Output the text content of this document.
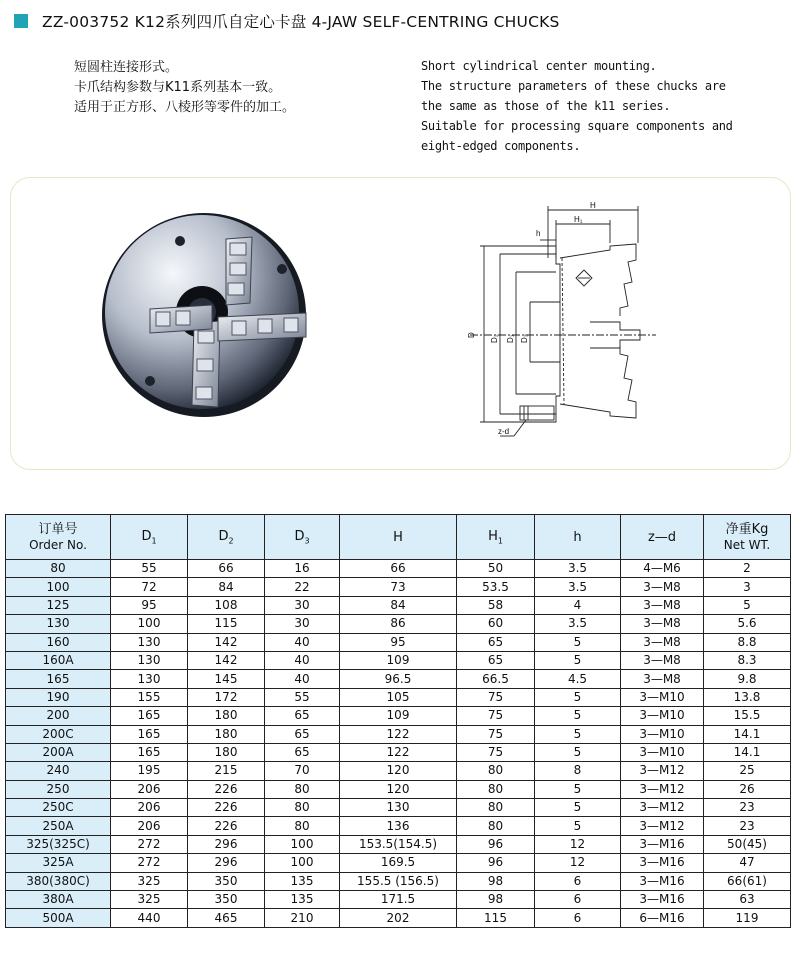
ZZ-003752 K12系列四爪自定心卡盘 4-JAW SELF-CENTRING CHUCKS
短圆柱连接形式。
卡爪结构参数与K11系列基本一致。
适用于正方形、八棱形等零件的加工。
Short cylindrical center mounting.
The structure parameters of these chucks are the same as those of the k11 series.
Suitable for processing square components and eight-edged components.
H
H₁
h
D D₂ D₁ D₃
z-d
订单号
Order No.	$D_1$	$D_2$	$D_3$	H	$H_1$	h	z—d	净重Kg
Net WT.

80	55	66	16	66	50	3.5	4—M6	2
100	72	84	22	73	53.5	3.5	3—M8	3
125	95	108	30	84	58	4	3—M8	5
130	100	115	30	86	60	3.5	3—M8	5.6
160	130	142	40	95	65	5	3—M8	8.8
160A	130	142	40	109	65	5	3—M8	8.3
165	130	145	40	96.5	66.5	4.5	3—M8	9.8
190	155	172	55	105	75	5	3—M10	13.8
200	165	180	65	109	75	5	3—M10	15.5
200C	165	180	65	122	75	5	3—M10	14.1
200A	165	180	65	122	75	5	3—M10	14.1
240	195	215	70	120	80	8	3—M12	25
250	206	226	80	120	80	5	3—M12	26
250C	206	226	80	130	80	5	3—M12	23
250A	206	226	80	136	80	5	3—M12	23
325(325C)	272	296	100	153.5(154.5)	96	12	3—M16	50(45)
325A	272	296	100	169.5	96	12	3—M16	47
380(380C)	325	350	135	155.5 (156.5)	98	6	3—M16	66(61)
380A	325	350	135	171.5	98	6	3—M16	63
500A	440	465	210	202	115	6	6—M16	119
